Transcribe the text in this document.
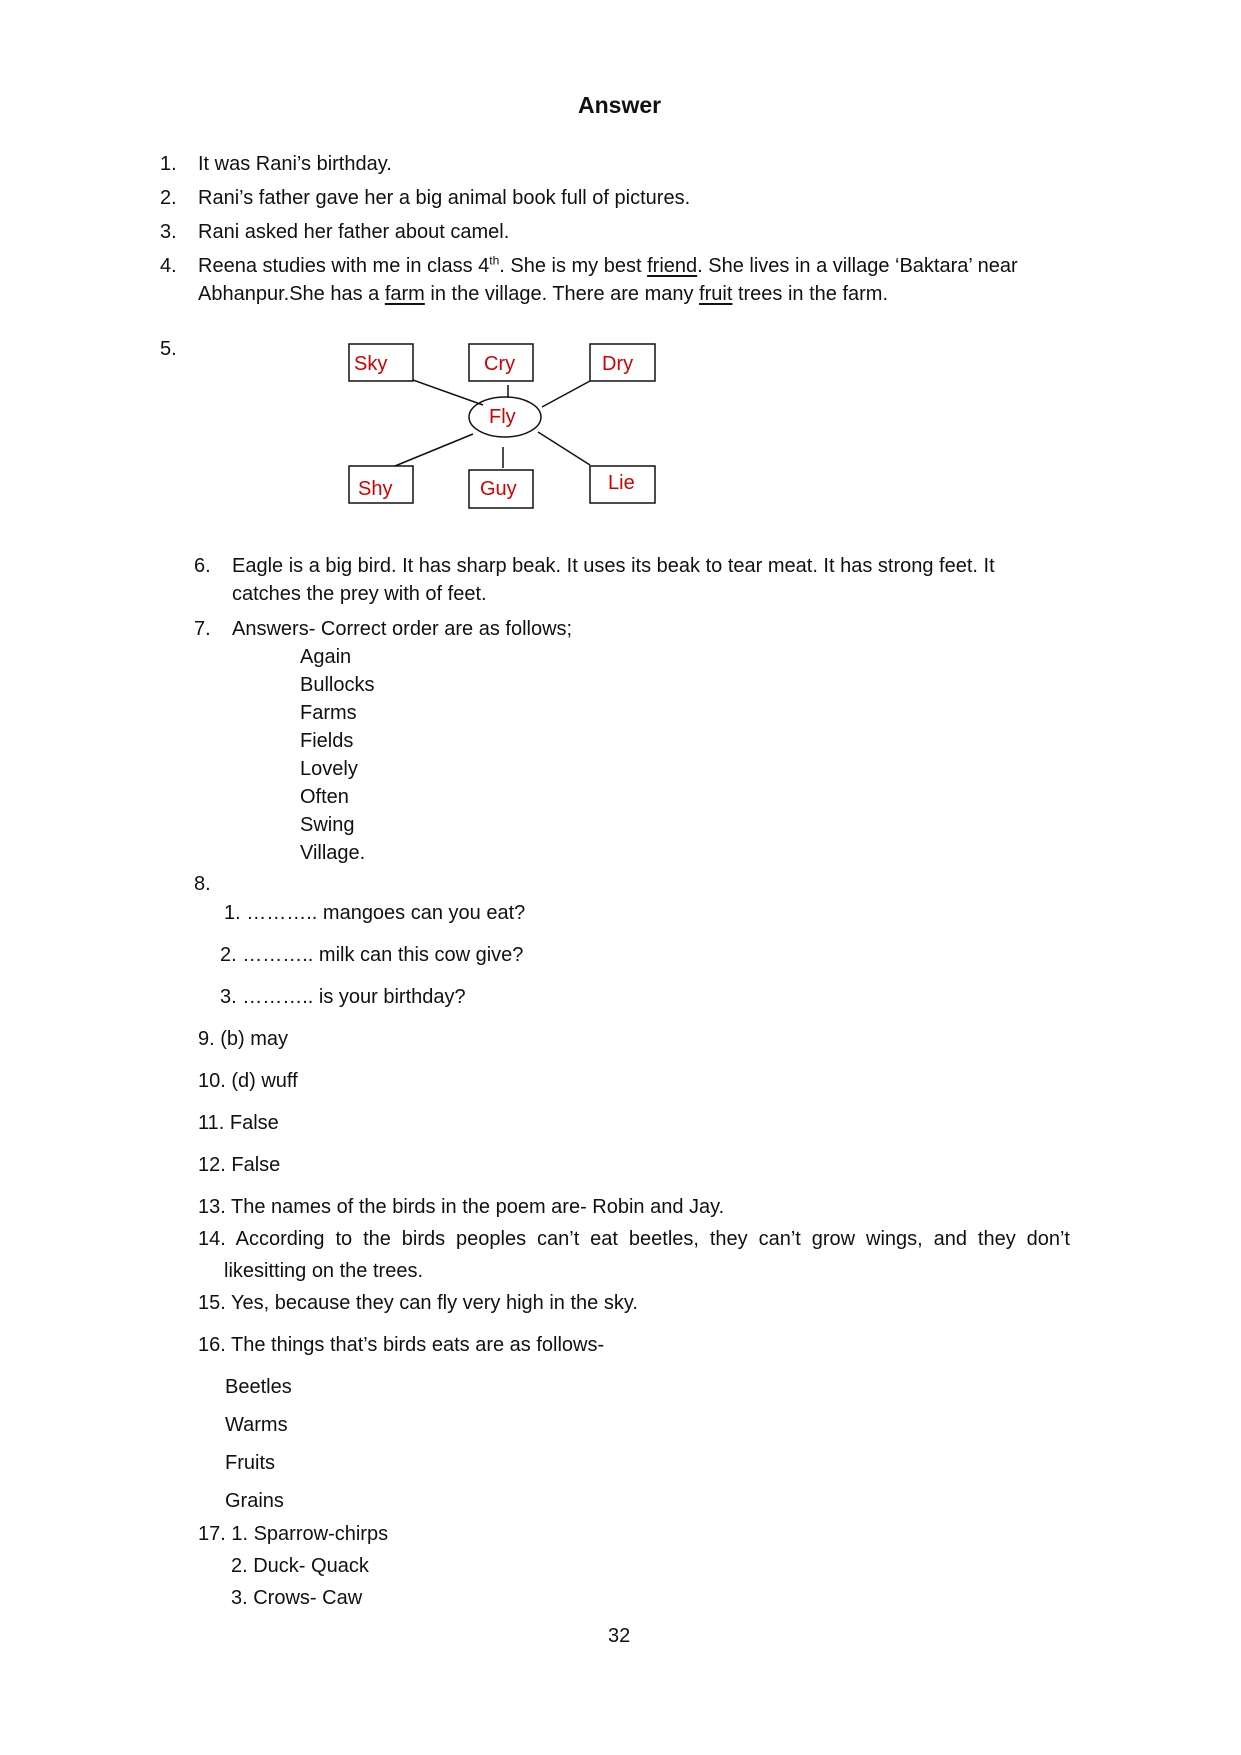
Answer
1. It was Rani’s birthday.
2. Rani’s father gave her a big animal book full of pictures.
3. Rani asked her father about camel.
4. Reena studies with me in class 4th. She is my best friend. She lives in a village ‘Baktara’ near
Abhanpur.She has a farm in the village. There are many fruit trees in the farm.
5.
Sky	Cry	Dry
Fly
Shy	Guy	Lie
6. Eagle is a big bird. It has sharp beak. It uses its beak to tear meat. It has strong feet. It
catches the prey with of feet.
7. Answers- Correct order are as follows;
Again
Bullocks
Farms
Fields
Lovely
Often
Swing
Village.
8.
1. ……….. mangoes can you eat?
2. ……….. milk can this cow give?
3. ……….. is your birthday?
9. (b) may
10. (d) wuff
11. False
12. False
13. The names of the birds in the poem are- Robin and Jay.
14. According to the birds peoples can’t eat beetles, they can’t grow wings, and they don’t
likesitting on the trees.
15. Yes, because they can fly very high in the sky.
16. The things that’s birds eats are as follows-
Beetles
Warms
Fruits
Grains
17. 1. Sparrow-chirps
2. Duck- Quack
3. Crows- Caw
32
